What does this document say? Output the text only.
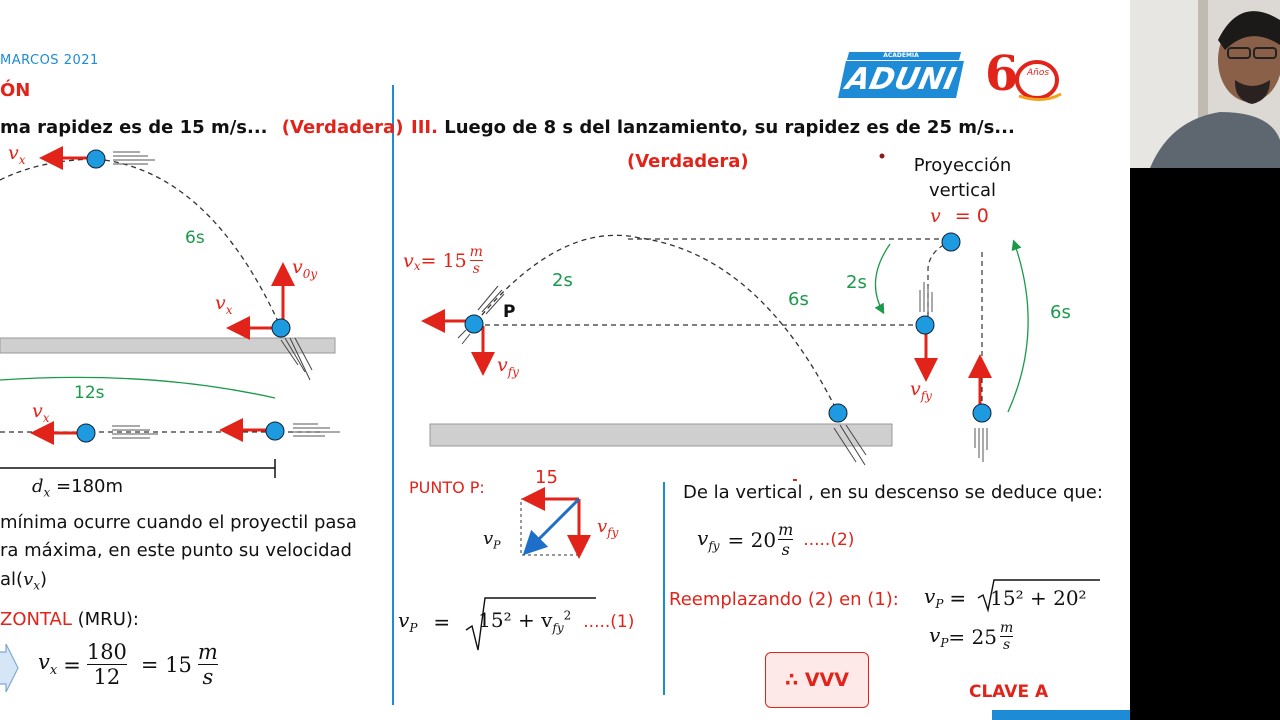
MARCOS 2021
ÓN
ACADEMIA
ADUNI 6 Años
ma rapidez es de 15 m/s... (Verdadera)
$v_x$
6s
$v_{0y}$
$v_x$
12s
$v_x$
$d_x =180m$
mínima ocurre cuando el proyectil pasa
ra máxima, en este punto su velocidad
$al(v_x)$
ZONTAL (MRU):
$v_x = \frac{180}{12} = 15 \frac{m}{s}$
III. Luego de 8 s del lanzamiento, su rapidez es de 25 m/s...
(Verdadera)	Proyección
vertical
v = 0
$v_x = 15 \frac{m}{s}$
2s
P
6s
2s
6s
$v_{fy}$
$v_{fy}$
PUNTO P:	15
$v_{fy}$
$v_P$
$v_P = 15^2 + v_{fy}^2$ .....(1)
De la vertical , en su descenso se deduce que:
$v_{fy} = 20 \frac{m}{s} .....(2)$
Reemplazando (2) en (1): $v_P = 15^2 + 20^2$
$v_P = 25 \frac{m}{s}$
∴ VVV
CLAVE A
